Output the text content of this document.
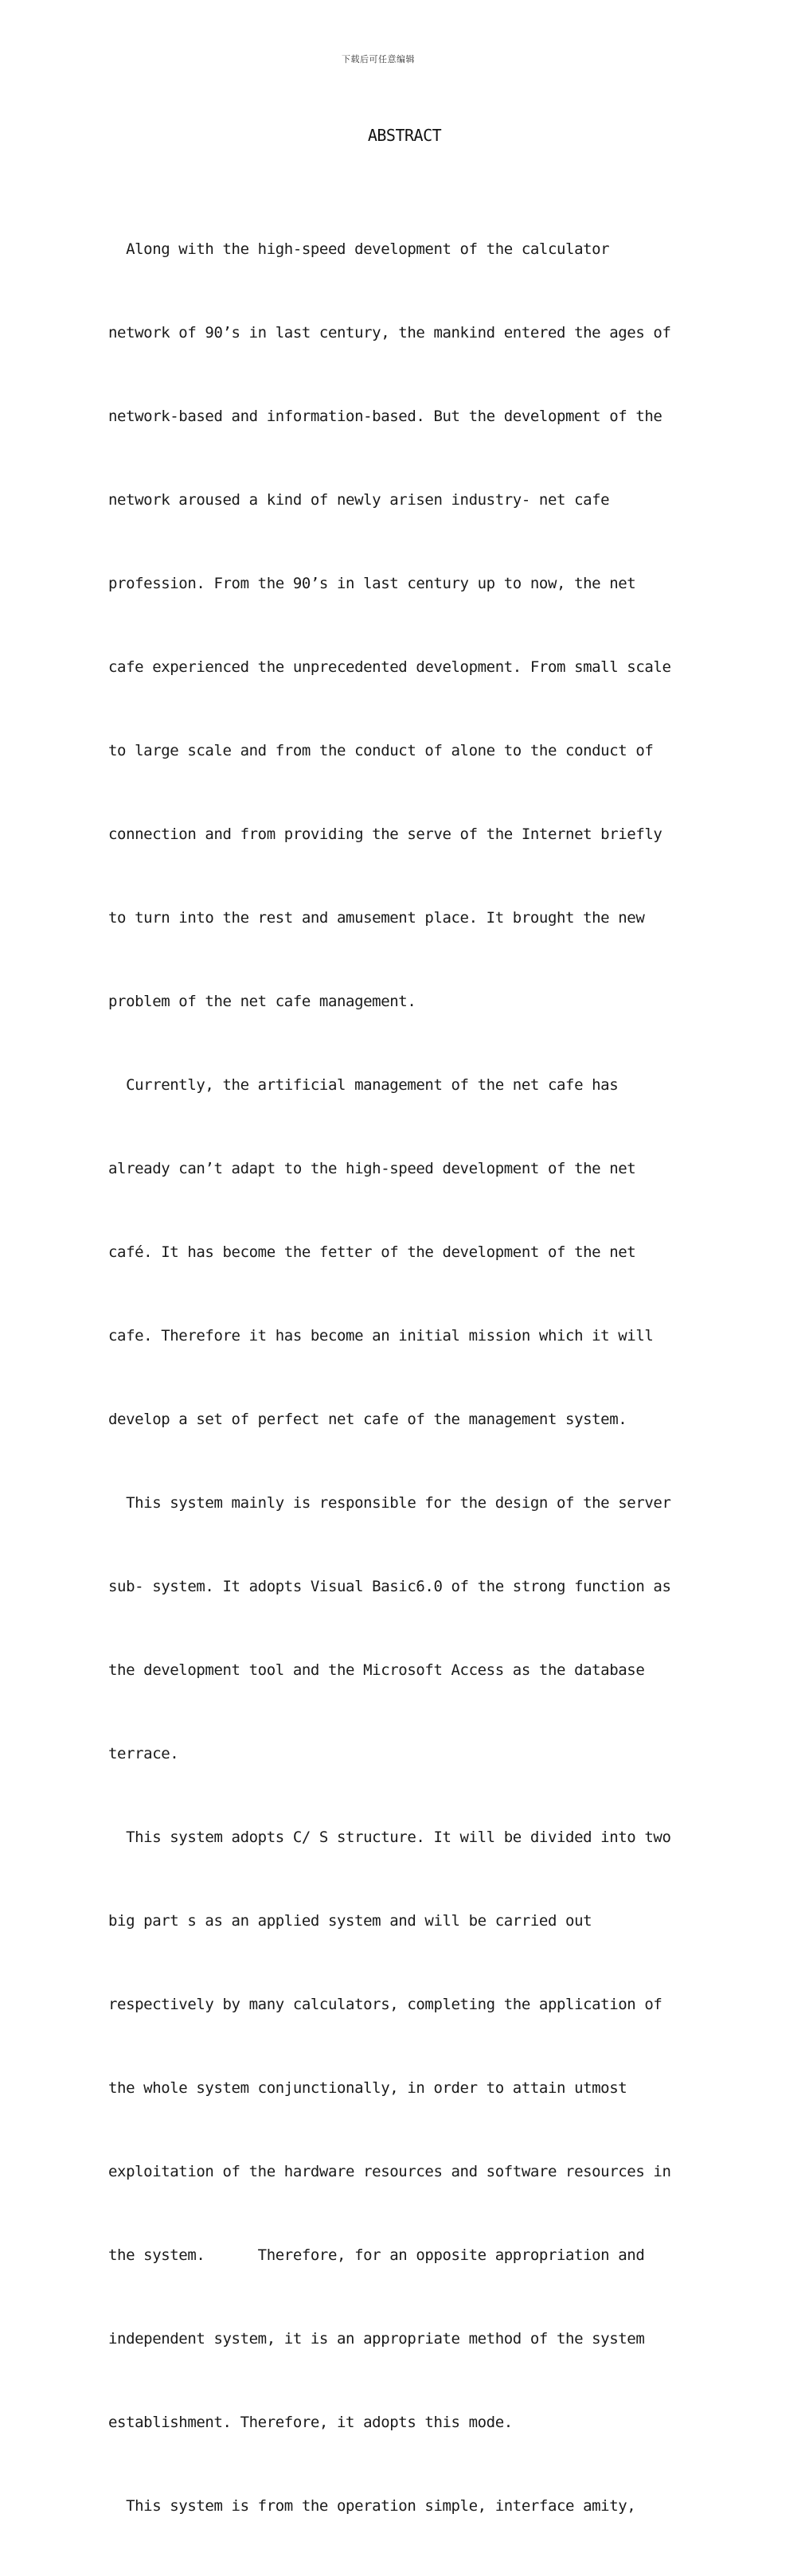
下载后可任意编辑
ABSTRACT

Along with the high-speed development of the calculator

network of 90’s in last century, the mankind entered the ages of

network-based and information-based. But the development of the

network aroused a kind of newly arisen industry- net cafe

profession. From the 90’s in last century up to now, the net

cafe experienced the unprecedented development. From small scale

to large scale and from the conduct of alone to the conduct of

connection and from providing the serve of the Internet briefly

to turn into the rest and amusement place. It brought the new

problem of the net cafe management.

Currently, the artificial management of the net cafe has

already can’t adapt to the high-speed development of the net

café. It has become the fetter of the development of the net

cafe. Therefore it has become an initial mission which it will

develop a set of perfect net cafe of the management system.

This system mainly is responsible for the design of the server

sub- system. It adopts Visual Basic6.0 of the strong function as

the development tool and the Microsoft Access as the database

terrace.

This system adopts C/ S structure. It will be divided into two

big part s as an applied system and will be carried out

respectively by many calculators, completing the application of

the whole system conjunctionally, in order to attain utmost

exploitation of the hardware resources and software resources in

the system.      Therefore, for an opposite appropriation and

independent system, it is an appropriate method of the system

establishment. Therefore, it adopts this mode.

This system is from the operation simple, interface amity,
